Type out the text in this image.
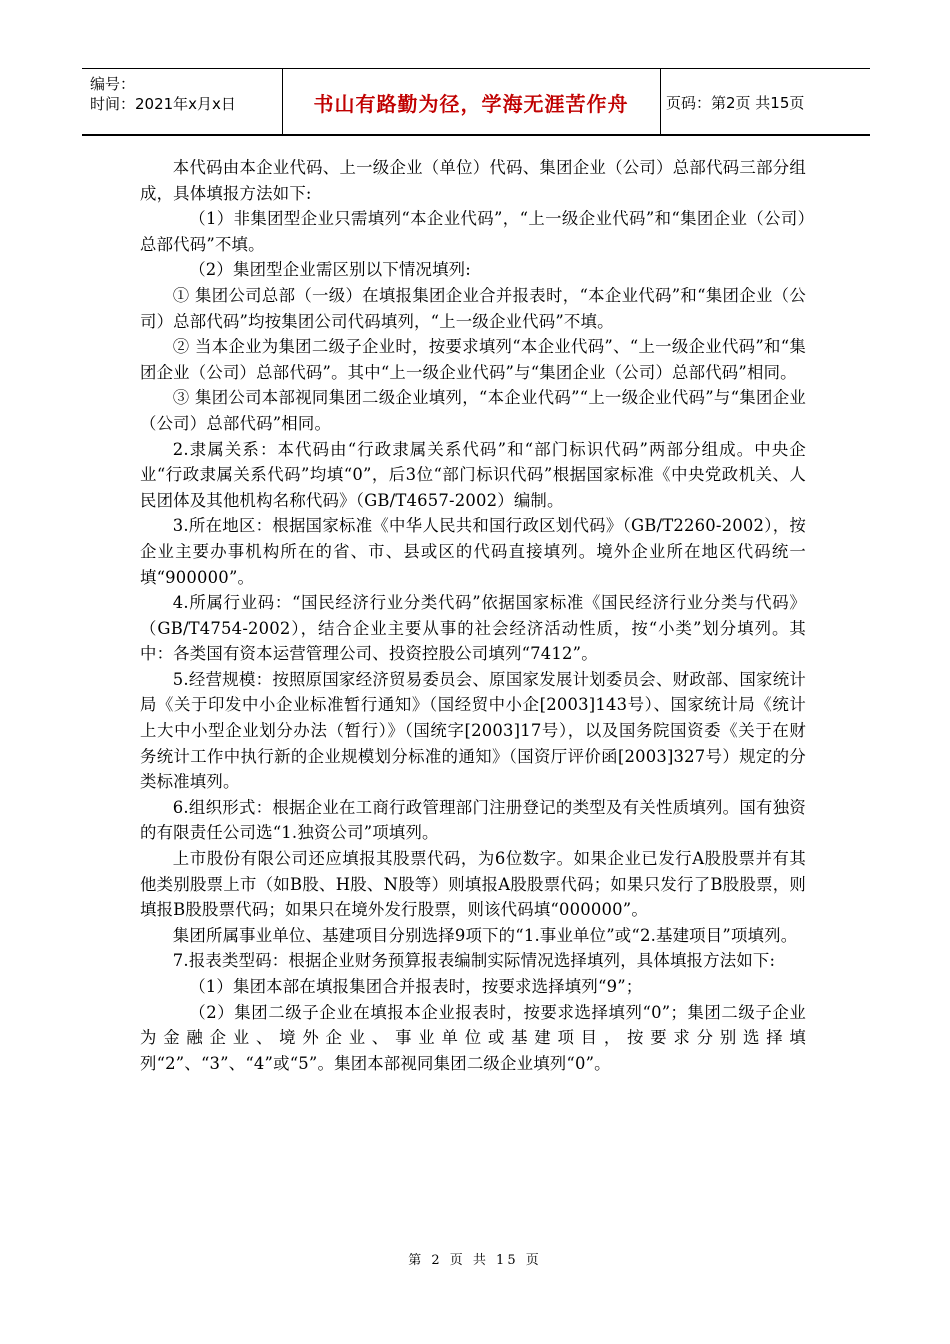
编号：
时间：2021年x月x日	书山有路勤为径，学海无涯苦作舟	页码：第2页 共15页

本代码由本企业代码、上一级企业（单位）代码、集团企业（公司）总部代码三部分组成，具体填报方法如下:

（1）非集团型企业只需填列“本企业代码”，“上一级企业代码”和“集团企业（公司）总部代码”不填。

（2）集团型企业需区别以下情况填列:

① 集团公司总部（一级）在填报集团企业合并报表时，“本企业代码”和“集团企业（公司）总部代码”均按集团公司代码填列，“上一级企业代码”不填。

② 当本企业为集团二级子企业时，按要求填列“本企业代码”、“上一级企业代码”和“集团企业（公司）总部代码”。其中“上一级企业代码”与“集团企业（公司）总部代码”相同。

③ 集团公司本部视同集团二级企业填列，“本企业代码”“上一级企业代码”与“集团企业（公司）总部代码”相同。

2.隶属关系：本代码由“行政隶属关系代码”和“部门标识代码”两部分组成。中央企业“行政隶属关系代码”均填“0”，后3位“部门标识代码”根据国家标准《中央党政机关、人民团体及其他机构名称代码》（GB/T4657-2002）编制。

3.所在地区：根据国家标准《中华人民共和国行政区划代码》（GB/T2260-2002），按企业主要办事机构所在的省、市、县或区的代码直接填列。境外企业所在地区代码统一填“900000”。

4.所属行业码：“国民经济行业分类代码”依据国家标准《国民经济行业分类与代码》（GB/T4754-2002），结合企业主要从事的社会经济活动性质，按“小类”划分填列。其中：各类国有资本运营管理公司、投资控股公司填列“7412”。

5.经营规模：按照原国家经济贸易委员会、原国家发展计划委员会、财政部、国家统计局《关于印发中小企业标准暂行通知》（国经贸中小企[2003]143号）、国家统计局《统计上大中小型企业划分办法（暂行）》（国统字[2003]17号），以及国务院国资委《关于在财务统计工作中执行新的企业规模划分标准的通知》（国资厅评价函[2003]327号）规定的分类标准填列。

6.组织形式：根据企业在工商行政管理部门注册登记的类型及有关性质填列。国有独资的有限责任公司选“1.独资公司”项填列。

上市股份有限公司还应填报其股票代码，为6位数字。如果企业已发行A股股票并有其他类别股票上市（如B股、H股、N股等）则填报A股股票代码；如果只发行了B股股票，则填报B股股票代码；如果只在境外发行股票，则该代码填“000000”。

集团所属事业单位、基建项目分别选择9项下的“1.事业单位”或“2.基建项目”项填列。

7.报表类型码：根据企业财务预算报表编制实际情况选择填列，具体填报方法如下:

（1）集团本部在填报集团合并报表时，按要求选择填列“9”；

（2）集团二级子企业在填报本企业报表时，按要求选择填列“0”；集团二级子企业为金融企业、境外企业、事业单位或基建项目，按要求分别选择填列“2”、“3”、“4”或“5”。集团本部视同集团二级企业填列“0”。

第 2 页 共 15 页
